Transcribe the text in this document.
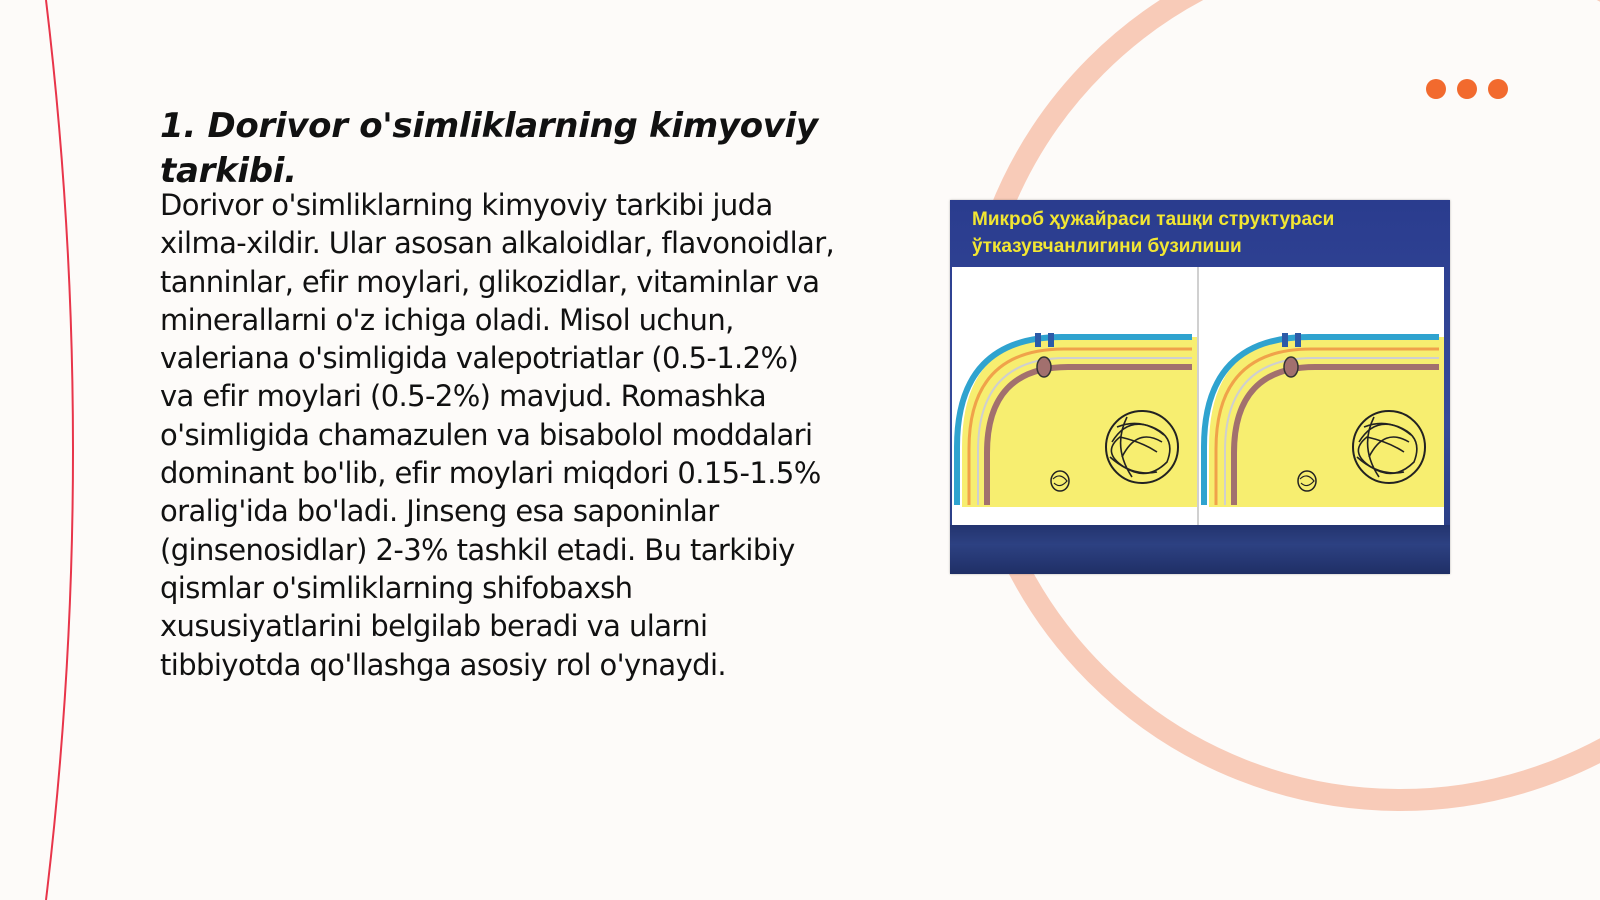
1. Dorivor o'simliklarning kimyoviy tarkibi.

Dorivor o'simliklarning kimyoviy tarkibi juda xilma-xildir. Ular asosan alkaloidlar, flavonoidlar, tanninlar, efir moylari, glikozidlar, vitaminlar va minerallarni o'z ichiga oladi. Misol uchun, valeriana o'simligida valepotriatlar (0.5-1.2%) va efir moylari (0.5-2%) mavjud. Romashka o'simligida chamazulen va bisabolol moddalari dominant bo'lib, efir moylari miqdori 0.15-1.5% oralig'ida bo'ladi. Jinseng esa saponinlar (ginsenosidlar) 2-3% tashkil etadi. Bu tarkibiy qismlar o'simliklarning shifobaxsh xususiyatlarini belgilab beradi va ularni tibbiyotda qo'llashga asosiy rol o'ynaydi.

Микроб ҳужайраси ташқи структураси ўтказувчанлигини бузилиши
